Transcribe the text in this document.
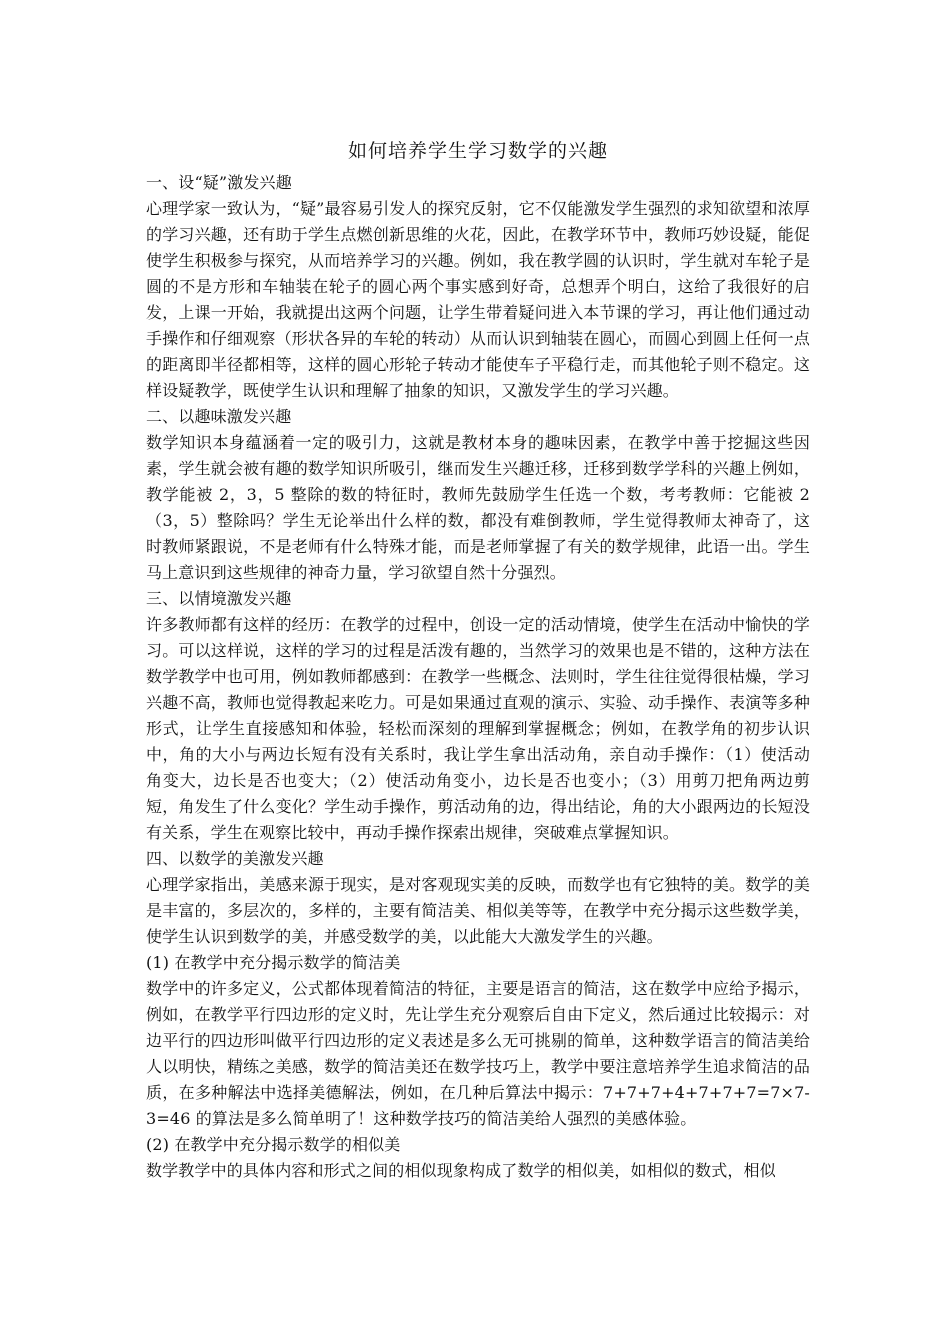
如何培养学生学习数学的兴趣
一、设“疑”激发兴趣

心理学家一致认为，“疑”最容易引发人的探究反射，它不仅能激发学生强烈的求知欲望和浓厚的学习兴趣，还有助于学生点燃创新思维的火花，因此，在教学环节中，教师巧妙设疑，能促使学生积极参与探究，从而培养学习的兴趣。例如，我在教学圆的认识时，学生就对车轮子是圆的不是方形和车轴装在轮子的圆心两个事实感到好奇，总想弄个明白，这给了我很好的启发，上课一开始，我就提出这两个问题，让学生带着疑问进入本节课的学习，再让他们通过动手操作和仔细观察（形状各异的车轮的转动）从而认识到轴装在圆心，而圆心到圆上任何一点的距离即半径都相等，这样的圆心形轮子转动才能使车子平稳行走，而其他轮子则不稳定。这样设疑教学，既使学生认识和理解了抽象的知识，又激发学生的学习兴趣。

二、以趣味激发兴趣

数学知识本身蕴涵着一定的吸引力，这就是教材本身的趣味因素，在教学中善于挖掘这些因素，学生就会被有趣的数学知识所吸引，继而发生兴趣迁移，迁移到数学学科的兴趣上例如，教学能被 2，3，5 整除的数的特征时，教师先鼓励学生任选一个数，考考教师：它能被 2（3，5）整除吗？学生无论举出什么样的数，都没有难倒教师，学生觉得教师太神奇了，这时教师紧跟说，不是老师有什么特殊才能，而是老师掌握了有关的数学规律，此语一出。学生马上意识到这些规律的神奇力量，学习欲望自然十分强烈。

三、以情境激发兴趣

许多教师都有这样的经历：在教学的过程中，创设一定的活动情境，使学生在活动中愉快的学习。可以这样说，这样的学习的过程是活泼有趣的，当然学习的效果也是不错的，这种方法在数学教学中也可用，例如教师都感到：在教学一些概念、法则时，学生往往觉得很枯燥，学习兴趣不高，教师也觉得教起来吃力。可是如果通过直观的演示、实验、动手操作、表演等多种形式，让学生直接感知和体验，轻松而深刻的理解到掌握概念；例如，在教学角的初步认识中，角的大小与两边长短有没有关系时，我让学生拿出活动角，亲自动手操作：（1）使活动角变大，边长是否也变大；（2）使活动角变小，边长是否也变小；（3）用剪刀把角两边剪短，角发生了什么变化？学生动手操作，剪活动角的边，得出结论，角的大小跟两边的长短没有关系，学生在观察比较中，再动手操作探索出规律，突破难点掌握知识。

四、以数学的美激发兴趣

心理学家指出，美感来源于现实，是对客观现实美的反映，而数学也有它独特的美。数学的美是丰富的，多层次的，多样的，主要有简洁美、相似美等等，在教学中充分揭示这些数学美，使学生认识到数学的美，并感受数学的美，以此能大大激发学生的兴趣。

(1) 在教学中充分揭示数学的简洁美

数学中的许多定义，公式都体现着简洁的特征，主要是语言的简洁，这在数学中应给予揭示，例如，在教学平行四边形的定义时，先让学生充分观察后自由下定义，然后通过比较揭示：对边平行的四边形叫做平行四边形的定义表述是多么无可挑剔的简单，这种数学语言的简洁美给人以明快，精练之美感，数学的简洁美还在数学技巧上，教学中要注意培养学生追求简洁的品质，在多种解法中选择美德解法，例如，在几种后算法中揭示：7+7+7+4+7+7+7=7×7-3=46 的算法是多么简单明了！这种数学技巧的简洁美给人强烈的美感体验。

(2) 在教学中充分揭示数学的相似美

数学教学中的具体内容和形式之间的相似现象构成了数学的相似美，如相似的数式，相似
